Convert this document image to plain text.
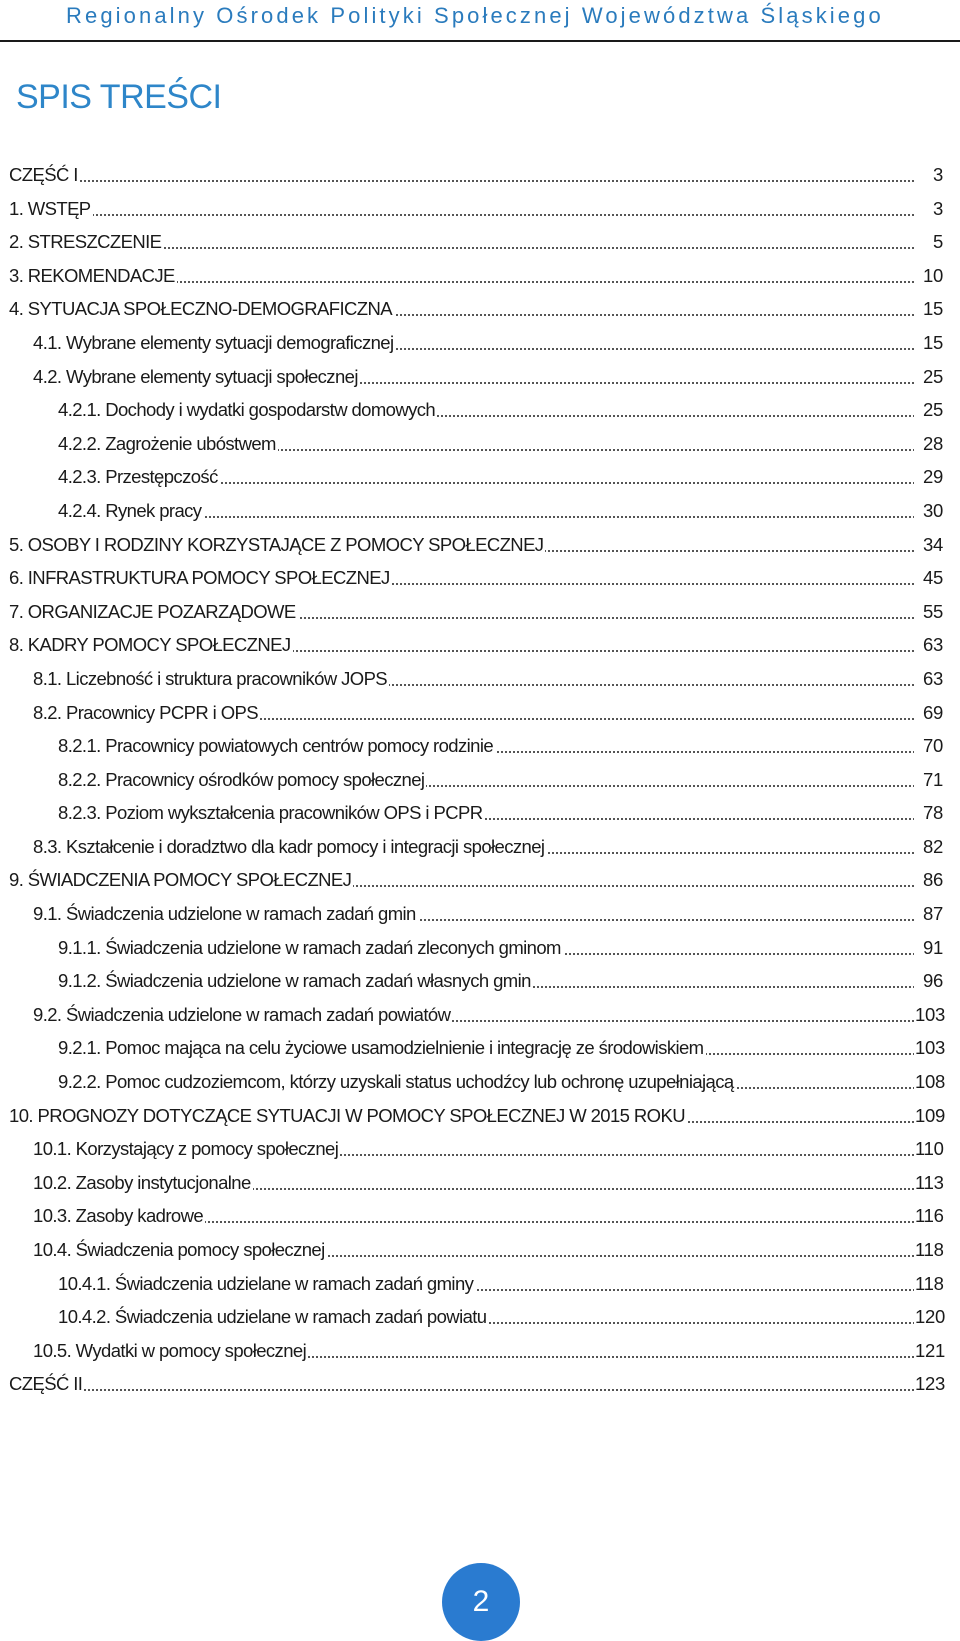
Regionalny Ośrodek Polityki Społecznej Województwa Śląskiego
SPIS TREŚCI
CZĘŚĆ I	3
1. WSTĘP	3
2. STRESZCZENIE	5
3. REKOMENDACJE	10
4. SYTUACJA SPOŁECZNO-DEMOGRAFICZNA	15
4.1. Wybrane elementy sytuacji demograficznej	15
4.2. Wybrane elementy sytuacji społecznej	25
4.2.1. Dochody i wydatki gospodarstw domowych	25
4.2.2. Zagrożenie ubóstwem	28
4.2.3. Przestępczość	29
4.2.4. Rynek pracy	30
5. OSOBY I RODZINY KORZYSTAJĄCE Z POMOCY SPOŁECZNEJ	34
6. INFRASTRUKTURA POMOCY SPOŁECZNEJ	45
7. ORGANIZACJE POZARZĄDOWE	55
8. KADRY POMOCY SPOŁECZNEJ	63
8.1. Liczebność i struktura pracowników JOPS	63
8.2. Pracownicy PCPR i OPS	69
8.2.1. Pracownicy powiatowych centrów pomocy rodzinie	70
8.2.2. Pracownicy ośrodków pomocy społecznej	71
8.2.3. Poziom wykształcenia pracowników OPS i PCPR	78
8.3. Kształcenie i doradztwo dla kadr pomocy i integracji społecznej	82
9. ŚWIADCZENIA POMOCY SPOŁECZNEJ	86
9.1. Świadczenia udzielone w ramach zadań gmin	87
9.1.1. Świadczenia udzielone w ramach zadań zleconych gminom	91
9.1.2. Świadczenia udzielone w ramach zadań własnych gmin	96
9.2. Świadczenia udzielone w ramach zadań powiatów	103
9.2.1. Pomoc mająca na celu życiowe usamodzielnienie i integrację ze środowiskiem	103
9.2.2. Pomoc cudzoziemcom, którzy uzyskali status uchodźcy lub ochronę uzupełniającą	108
10. PROGNOZY DOTYCZĄCE SYTUACJI W POMOCY SPOŁECZNEJ W 2015 ROKU	109
10.1. Korzystający z pomocy społecznej	110
10.2. Zasoby instytucjonalne	113
10.3. Zasoby kadrowe	116
10.4. Świadczenia pomocy społecznej	118
10.4.1. Świadczenia udzielane w ramach zadań gminy	118
10.4.2. Świadczenia udzielane w ramach zadań powiatu	120
10.5. Wydatki w pomocy społecznej	121
CZĘŚĆ II	123
2
